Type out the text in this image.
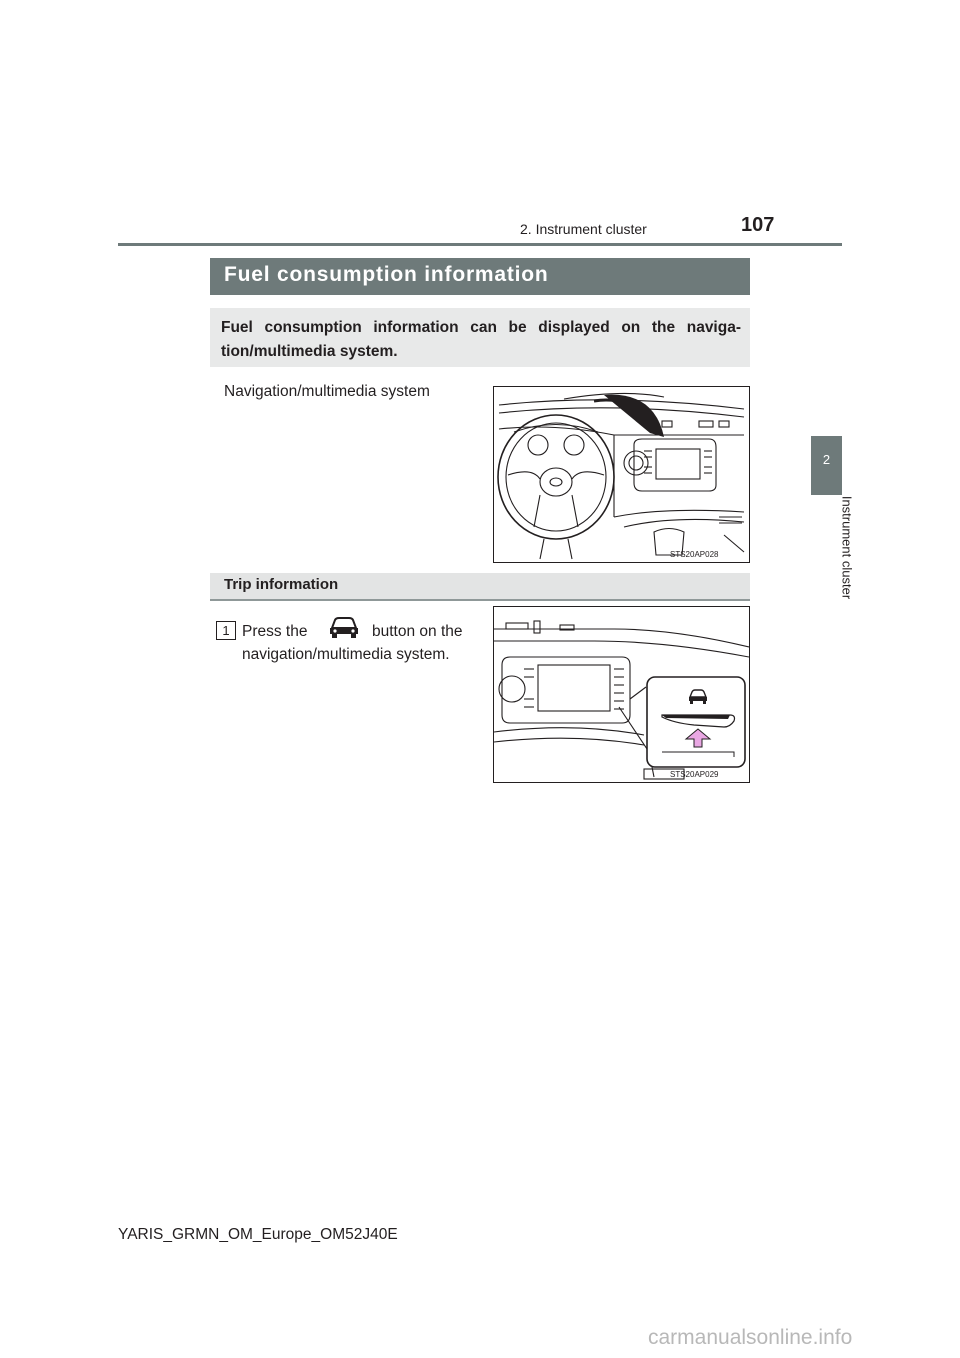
2. Instrument cluster	107
2
Instrument cluster
Fuel consumption information
Fuel consumption information can be displayed on the naviga-tion/multimedia system.
Navigation/multimedia system
STS20AP028
Trip information
1 Press the	button on the
navigation/multimedia system.
STS20AP029
YARIS_GRMN_OM_Europe_OM52J40E
carmanualsonline.info
